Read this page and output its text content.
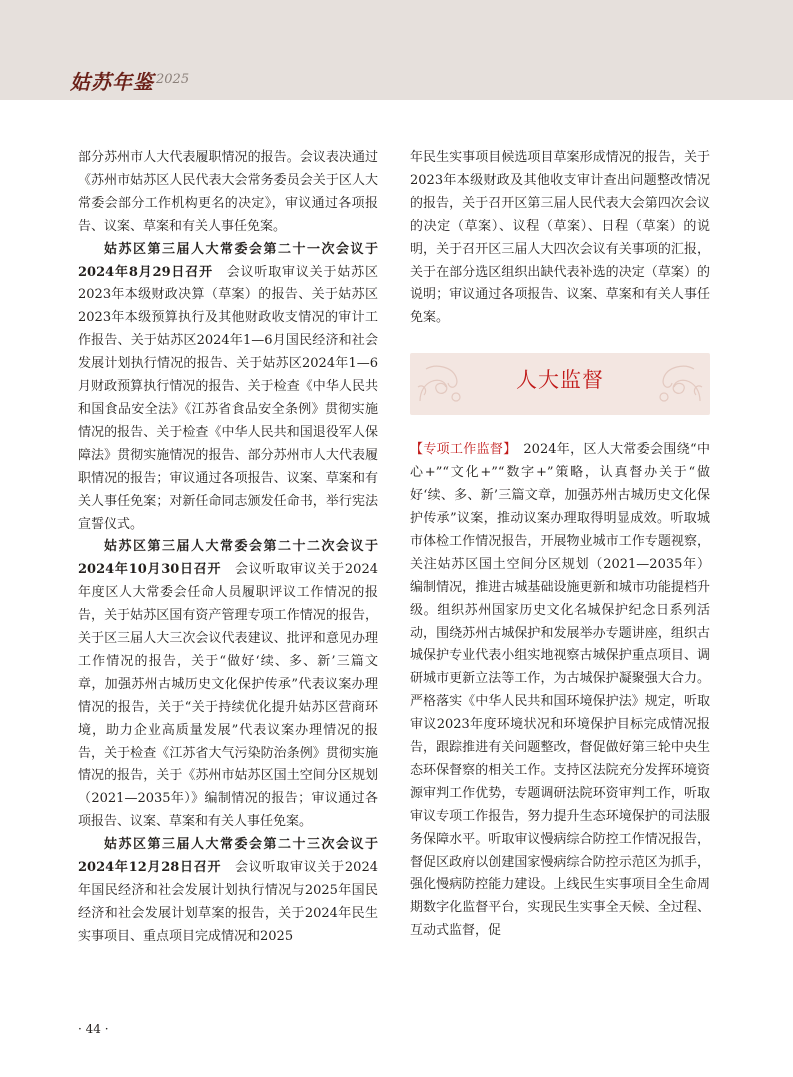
姑苏年鉴 2025

部分苏州市人大代表履职情况的报告。会议表决通过《苏州市姑苏区人民代表大会常务委员会关于区人大常委会部分工作机构更名的决定》，审议通过各项报告、议案、草案和有关人事任免案。

姑苏区第三届人大常委会第二十一次会议于2024年8月29日召开　 会议听取审议关于姑苏区2023年本级财政决算（草案）的报告、关于姑苏区2023年本级预算执行及其他财政收支情况的审计工作报告、关于姑苏区2024年1—6月国民经济和社会发展计划执行情况的报告、关于姑苏区2024年1—6月财政预算执行情况的报告、关于检查《中华人民共和国食品安全法》《江苏省食品安全条例》贯彻实施情况的报告、关于检查《中华人民共和国退役军人保障法》贯彻实施情况的报告、部分苏州市人大代表履职情况的报告；审议通过各项报告、议案、草案和有关人事任免案；对新任命同志颁发任命书，举行宪法宣誓仪式。

姑苏区第三届人大常委会第二十二次会议于2024年10月30日召开　 会议听取审议关于2024年度区人大常委会任命人员履职评议工作情况的报告，关于姑苏区国有资产管理专项工作情况的报告，关于区三届人大三次会议代表建议、批评和意见办理工作情况的报告，关于“做好‘续、多、新’三篇文章，加强苏州古城历史文化保护传承”代表议案办理情况的报告，关于“关于持续优化提升姑苏区营商环境，助力企业高质量发展”代表议案办理情况的报告，关于检查《江苏省大气污染防治条例》贯彻实施情况的报告，关于《苏州市姑苏区国土空间分区规划（2021—2035年）》编制情况的报告；审议通过各项报告、议案、草案和有关人事任免案。

姑苏区第三届人大常委会第二十三次会议于2024年12月28日召开　 会议听取审议关于2024年国民经济和社会发展计划执行情况与2025年国民经济和社会发展计划草案的报告，关于2024年民生实事项目、重点项目完成情况和2025

年民生实事项目候选项目草案形成情况的报告，关于2023年本级财政及其他收支审计查出问题整改情况的报告，关于召开区第三届人民代表大会第四次会议的决定（草案）、议程（草案）、日程（草案）的说明，关于召开区三届人大四次会议有关事项的汇报，关于在部分选区组织出缺代表补选的决定（草案）的说明；审议通过各项报告、议案、草案和有关人事任免案。

人大监督

【专项工作监督】　 2024年，区人大常委会围绕“中心+”“文化+”“数字+”策略，认真督办关于“做好‘续、多、新’三篇文章，加强苏州古城历史文化保护传承”议案，推动议案办理取得明显成效。听取城市体检工作情况报告，开展物业城市工作专题视察，关注姑苏区国土空间分区规划（2021—2035年）编制情况，推进古城基础设施更新和城市功能提档升级。组织苏州国家历史文化名城保护纪念日系列活动，围绕苏州古城保护和发展举办专题讲座，组织古城保护专业代表小组实地视察古城保护重点项目、调研城市更新立法等工作，为古城保护凝聚强大合力。严格落实《中华人民共和国环境保护法》规定，听取审议2023年度环境状况和环境保护目标完成情况报告，跟踪推进有关问题整改，督促做好第三轮中央生态环保督察的相关工作。支持区法院充分发挥环境资源审判工作优势，专题调研法院环资审判工作，听取审议专项工作报告，努力提升生态环境保护的司法服务保障水平。听取审议慢病综合防控工作情况报告，督促区政府以创建国家慢病综合防控示范区为抓手，强化慢病防控能力建设。上线民生实事项目全生命周期数字化监督平台，实现民生实事全天候、全过程、互动式监督，促

· 44 ·
